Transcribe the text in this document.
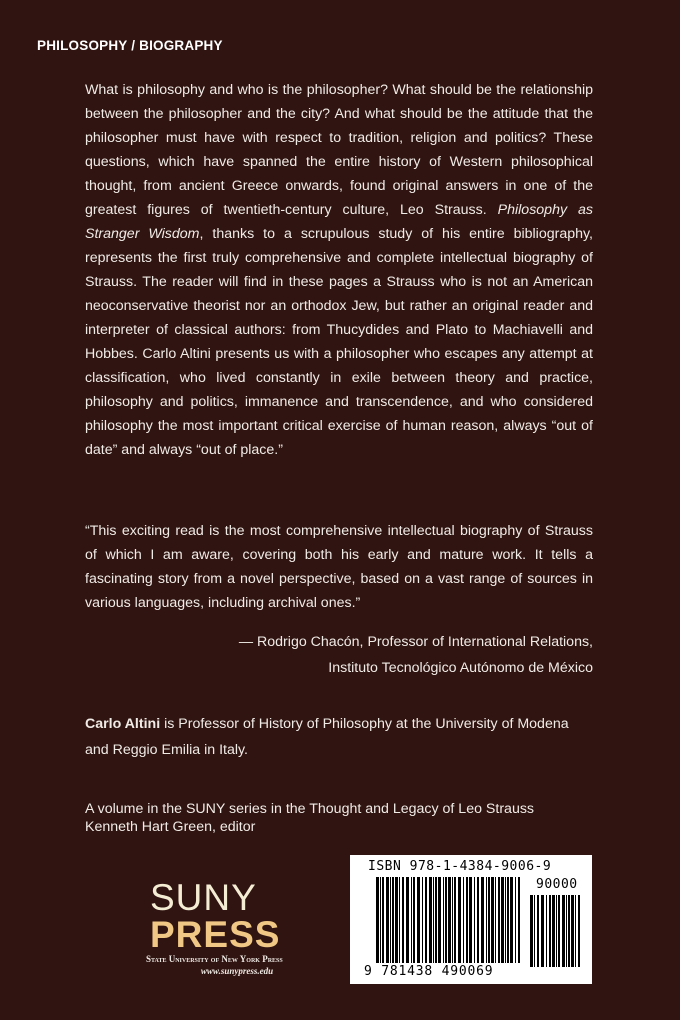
PHILOSOPHY / BIOGRAPHY

What is philosophy and who is the philosopher? What should be the relationship between the philosopher and the city? And what should be the attitude that the philosopher must have with respect to tradition, religion and politics? These questions, which have spanned the entire history of Western philosophical thought, from ancient Greece onwards, found original answers in one of the greatest figures of twentieth-century culture, Leo Strauss. Philosophy as Stranger Wisdom, thanks to a scrupulous study of his entire bibliography, represents the first truly comprehensive and complete intellectual biography of Strauss. The reader will find in these pages a Strauss who is not an American neoconservative theorist nor an orthodox Jew, but rather an original reader and interpreter of classical authors: from Thucydides and Plato to Machiavelli and Hobbes. Carlo Altini presents us with a philosopher who escapes any attempt at classification, who lived constantly in exile between theory and practice, philosophy and politics, immanence and transcendence, and who considered philosophy the most important critical exercise of human reason, always “out of date” and always “out of place.”

“This exciting read is the most comprehensive intellectual biography of Strauss of which I am aware, covering both his early and mature work. It tells a fascinating story from a novel perspective, based on a vast range of sources in various languages, including archival ones.”

— Rodrigo Chacón, Professor of International Relations,
Instituto Tecnológico Autónomo de México

Carlo Altini is Professor of History of Philosophy at the University of Modena and Reggio Emilia in Italy.

A volume in the SUNY series in the Thought and Legacy of Leo Strauss
Kenneth Hart Green, editor
SUNY
PRESS
State University of New York Press
www.sunypress.edu
ISBN 978-1-4384-9006-9
90000
9 781438 490069
